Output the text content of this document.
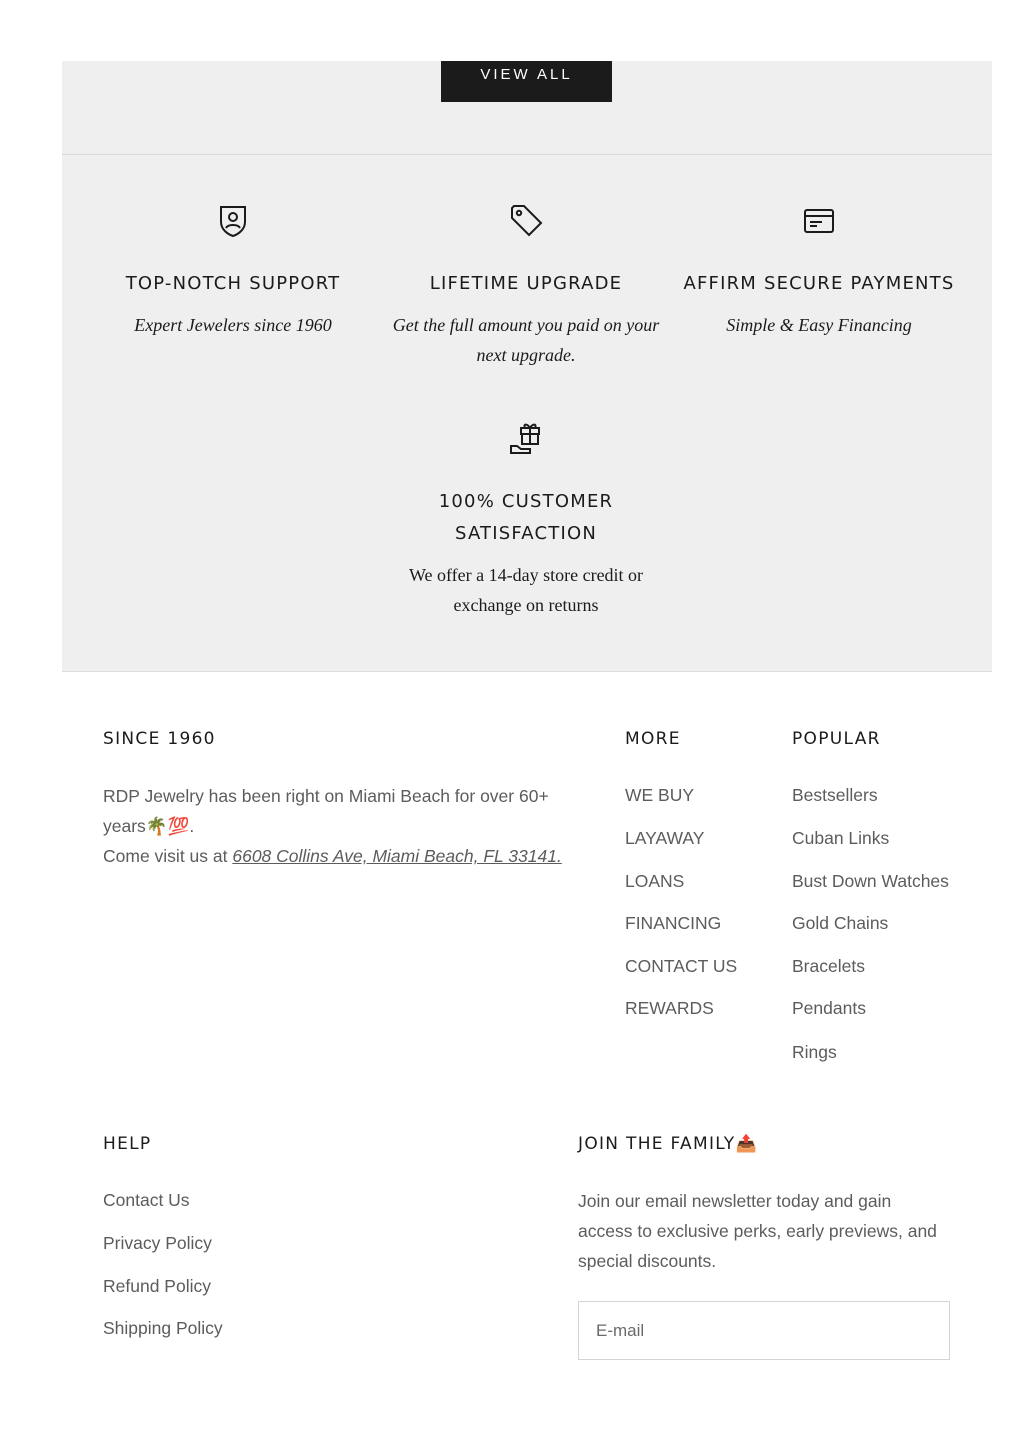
VIEW ALL
TOP-NOTCH SUPPORT

Expert Jewelers since 1960

LIFETIME UPGRADE

Get the full amount you paid on your next upgrade.

AFFIRM SECURE PAYMENTS

Simple & Easy Financing

100% CUSTOMER SATISFACTION

We offer a 14-day store credit or exchange on returns

SINCE 1960
RDP Jewelry has been right on Miami Beach for over 60+
years🌴💯.
Come visit us at 6608 Collins Ave, Miami Beach, FL 33141.
MORE
WE BUY
LAYAWAY
LOANS
FINANCING
CONTACT US
REWARDS
POPULAR
Bestsellers
Cuban Links
Bust Down Watches
Gold Chains
Bracelets
Pendants
Rings
HELP
Contact Us
Privacy Policy
Refund Policy
Shipping Policy
JOIN THE FAMILY📤
Join our email newsletter today and gain access to exclusive perks, early previews, and special discounts.
E-mail
